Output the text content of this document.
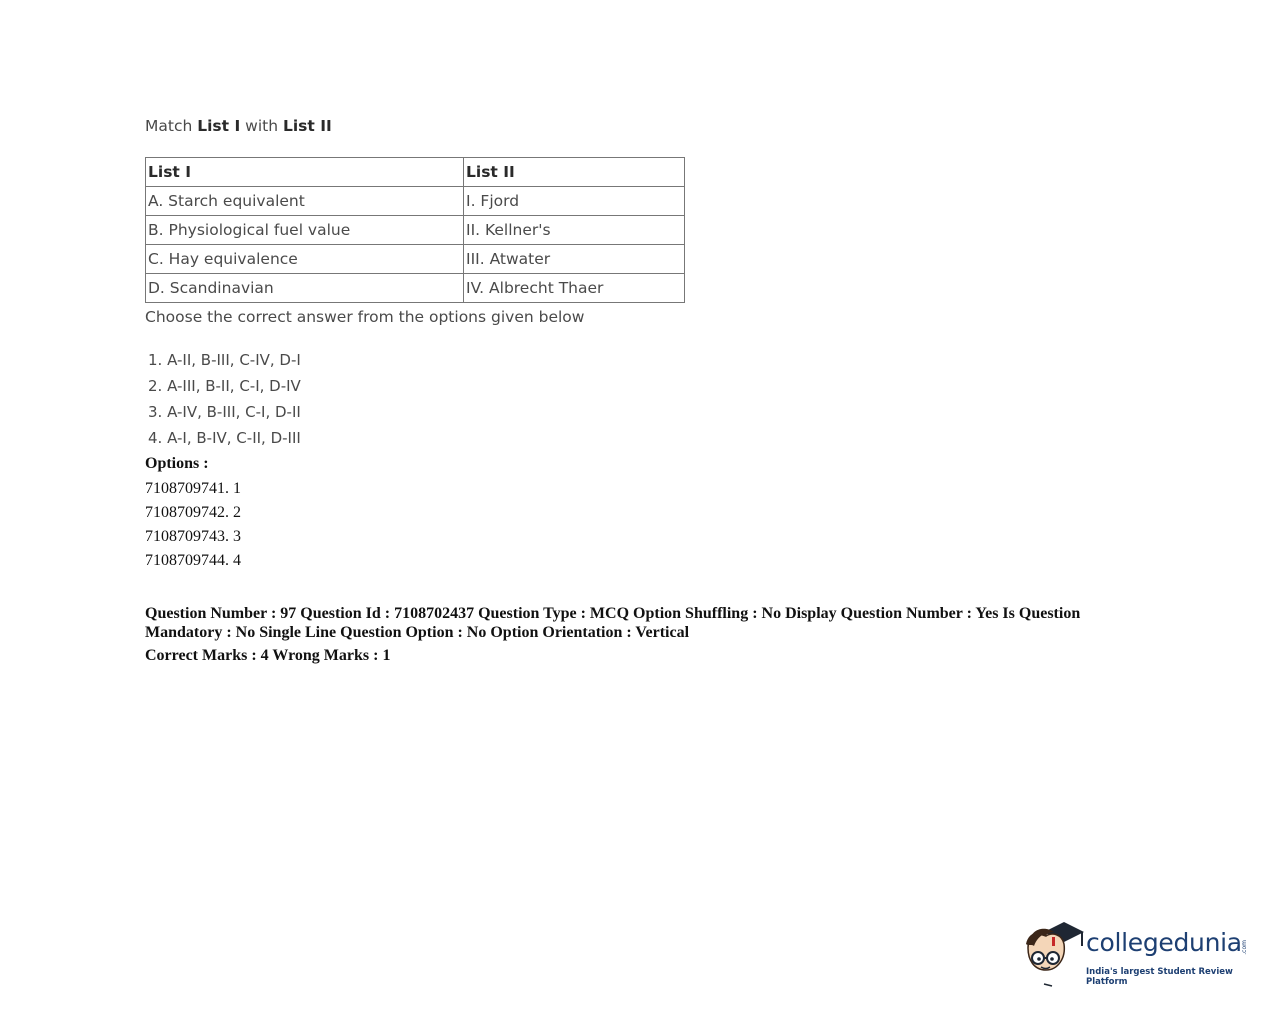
Match List I with List II
List I	List II
A. Starch equivalent	I. Fjord
B. Physiological fuel value	II. Kellner's
C. Hay equivalence	III. Atwater
D. Scandinavian	IV. Albrecht Thaer
Choose the correct answer from the options given below
1. A-II, B-III, C-IV, D-I
2. A-III, B-II, C-I, D-IV
3. A-IV, B-III, C-I, D-II
4. A-I, B-IV, C-II, D-III
Options :
7108709741. 1
7108709742. 2
7108709743. 3
7108709744. 4
Question Number : 97 Question Id : 7108702437 Question Type : MCQ Option Shuffling : No Display Question Number : Yes Is Question Mandatory : No Single Line Question Option : No Option Orientation : Vertical
Correct Marks : 4 Wrong Marks : 1
collegedunia .com
India's largest Student Review Platform
